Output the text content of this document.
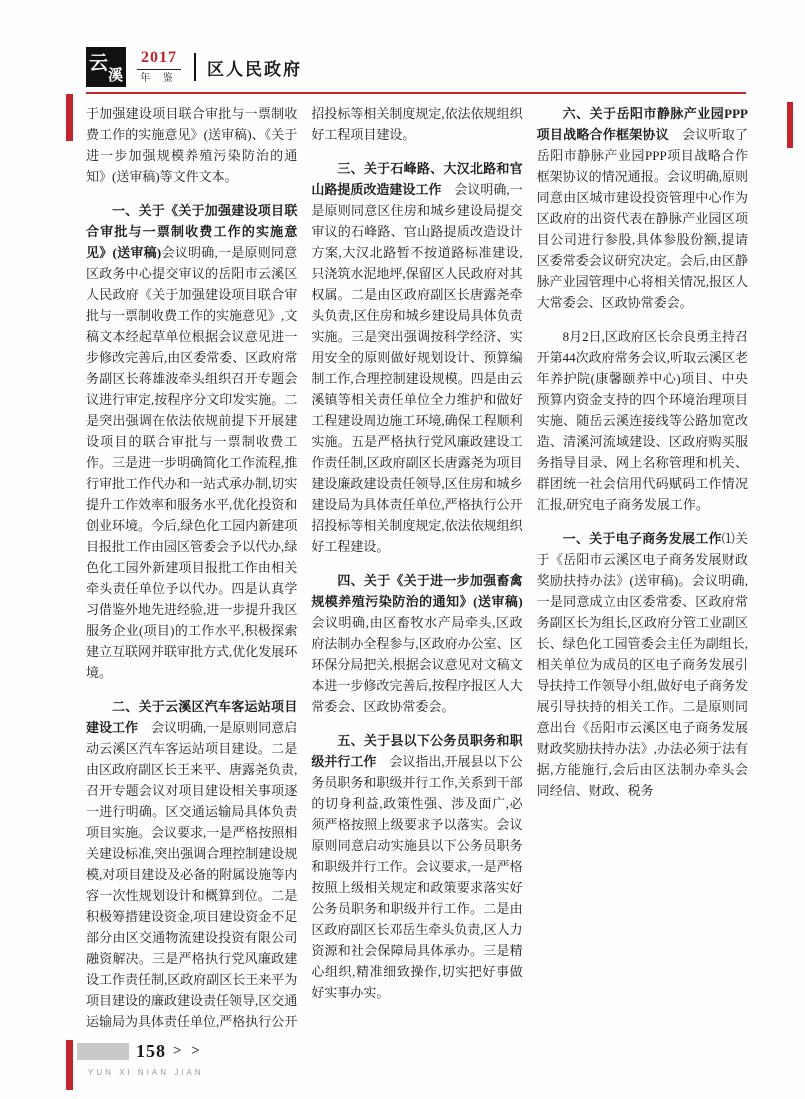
云
溪
2017
年 鉴	区人民政府

于加强建设项目联合审批与一票制收费工作的实施意见》(送审稿)、《关于进一步加强规模养殖污染防治的通知》(送审稿)等文件文本。

一、关于《关于加强建设项目联合审批与一票制收费工作的实施意见》(送审稿)会议明确,一是原则同意区政务中心提交审议的岳阳市云溪区人民政府《关于加强建设项目联合审批与一票制收费工作的实施意见》,文稿文本经起草单位根据会议意见进一步修改完善后,由区委常委、区政府常务副区长蒋雄波牵头组织召开专题会议进行审定,按程序分文印发实施。二是突出强调在依法依规前提下开展建设项目的联合审批与一票制收费工作。三是进一步明确简化工作流程,推行审批工作代办和一站式承办制,切实提升工作效率和服务水平,优化投资和创业环境。今后,绿色化工园内新建项目报批工作由园区管委会予以代办,绿色化工园外新建项目报批工作由相关牵头责任单位予以代办。四是认真学习借鉴外地先进经验,进一步提升我区服务企业(项目)的工作水平,积极探索建立互联网并联审批方式,优化发展环境。

二、关于云溪区汽车客运站项目建设工作　会议明确,一是原则同意启动云溪区汽车客运站项目建设。二是由区政府副区长王来平、唐露尧负责,召开专题会议对项目建设相关事项逐一进行明确。区交通运输局具体负责项目实施。会议要求,一是严格按照相关建设标准,突出强调合理控制建设规模,对项目建设及必备的附属设施等内容一次性规划设计和概算到位。二是积极筹措建设资金,项目建设资金不足部分由区交通物流建设投资有限公司融资解决。三是严格执行党风廉政建设工作责任制,区政府副区长王来平为项目建设的廉政建设责任领导,区交通运输局为具体责任单位,严格执行公开招投标等相关制度规定,依法依规组织好工程项目建设。

三、关于石峰路、大汉北路和官山路提质改造建设工作　会议明确,一是原则同意区住房和城乡建设局提交审议的石峰路、官山路提质改造设计方案,大汉北路暂不按道路标准建设,只浇筑水泥地坪,保留区人民政府对其权属。二是由区政府副区长唐露尧牵头负责,区住房和城乡建设局具体负责实施。三是突出强调按科学经济、实用安全的原则做好规划设计、预算编制工作,合理控制建设规模。四是由云溪镇等相关责任单位全力维护和做好工程建设周边施工环境,确保工程顺利实施。五是严格执行党风廉政建设工作责任制,区政府副区长唐露尧为项目建设廉政建设责任领导,区住房和城乡建设局为具体责任单位,严格执行公开招投标等相关制度规定,依法依规组织好工程建设。

四、关于《关于进一步加强畜禽规模养殖污染防治的通知》(送审稿)会议明确,由区畜牧水产局牵头,区政府法制办全程参与,区政府办公室、区环保分局把关,根据会议意见对文稿文本进一步修改完善后,按程序报区人大常委会、区政协常委会。

五、关于县以下公务员职务和职级并行工作　会议指出,开展县以下公务员职务和职级并行工作,关系到干部的切身利益,政策性强、涉及面广,必须严格按照上级要求予以落实。会议原则同意启动实施县以下公务员职务和职级并行工作。会议要求,一是严格按照上级相关规定和政策要求落实好公务员职务和职级并行工作。二是由区政府副区长邓岳生牵头负责,区人力资源和社会保障局具体承办。三是精心组织,精准细致操作,切实把好事做好实事办实。

六、关于岳阳市静脉产业园PPP项目战略合作框架协议　会议听取了岳阳市静脉产业园PPP项目战略合作框架协议的情况通报。会议明确,原则同意由区城市建设投资管理中心作为区政府的出资代表在静脉产业园区项目公司进行参股,具体参股份额,提请区委常委会议研究决定。会后,由区静脉产业园管理中心将相关情况,报区人大常委会、区政协常委会。

8月2日,区政府区长佘良勇主持召开第44次政府常务会议,听取云溪区老年养护院(康馨颐养中心)项目、中央预算内资金支持的四个环境治理项目实施、随岳云溪连接线等公路加宽改造、清溪河流域建设、区政府购买服务指导目录、网上名称管理和机关、群团统一社会信用代码赋码工作情况汇报,研究电子商务发展工作。

一、关于电子商务发展工作⑴关于《岳阳市云溪区电子商务发展财政奖励扶持办法》(送审稿)。会议明确,一是同意成立由区委常委、区政府常务副区长为组长,区政府分管工业副区长、绿色化工园管委会主任为副组长,相关单位为成员的区电子商务发展引导扶持工作领导小组,做好电子商务发展引导扶持的相关工作。二是原则同意出台《岳阳市云溪区电子商务发展财政奖励扶持办法》,办法必须于法有据,方能施行,会后由区法制办牵头会同经信、财政、税务

158 > >
YUN XI NIAN JIAN
